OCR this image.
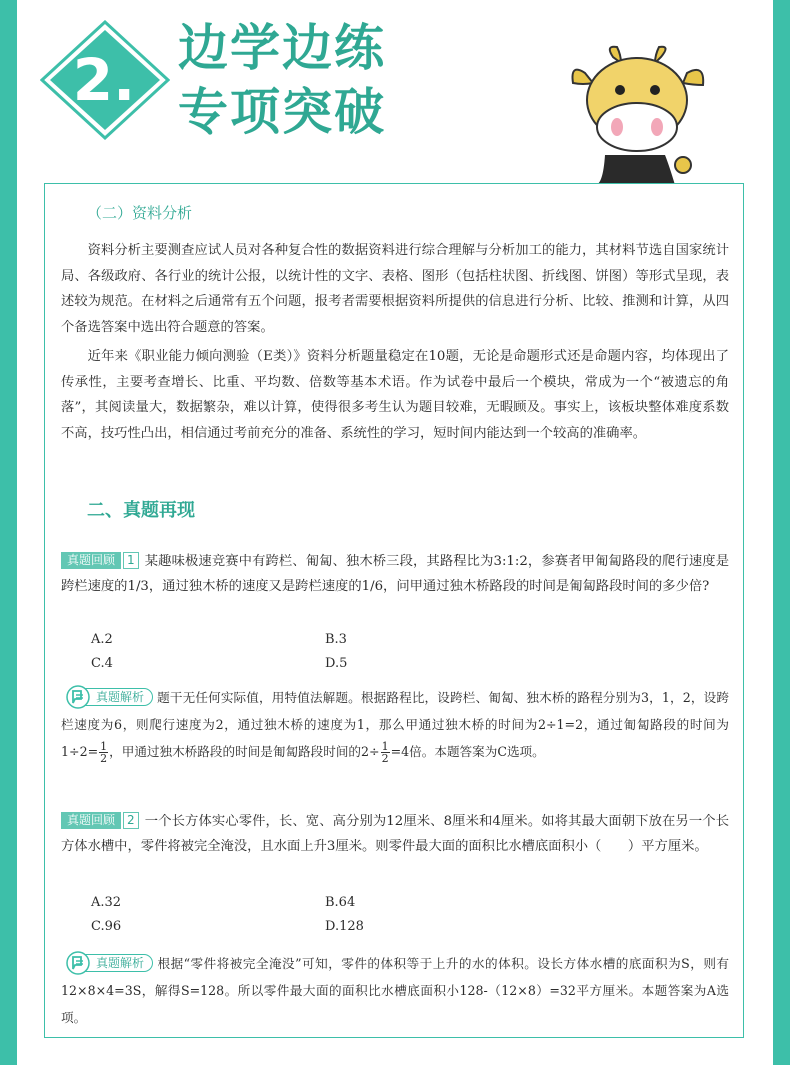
2. 边学边练
专项突破
（二）资料分析

资料分析主要测查应试人员对各种复合性的数据资料进行综合理解与分析加工的能力，其材料节选自国家统计局、各级政府、各行业的统计公报，以统计性的文字、表格、图形（包括柱状图、折线图、饼图）等形式呈现，表述较为规范。在材料之后通常有五个问题，报考者需要根据资料所提供的信息进行分析、比较、推测和计算，从四个备选答案中选出符合题意的答案。

近年来《职业能力倾向测验（E类）》资料分析题量稳定在10题，无论是命题形式还是命题内容，均体现出了传承性，主要考查增长、比重、平均数、倍数等基本术语。作为试卷中最后一个模块，常成为一个“被遗忘的角落”，其阅读量大，数据繁杂，难以计算，使得很多考生认为题目较难，无暇顾及。事实上，该板块整体难度系数不高，技巧性凸出，相信通过考前充分的准备、系统性的学习，短时间内能达到一个较高的准确率。

二、真题再现

真题回顾 1 某趣味极速竞赛中有跨栏、匍匐、独木桥三段，其路程比为3:1:2，参赛者甲匍匐路段的爬行速度是跨栏速度的1/3，通过独木桥的速度又是跨栏速度的1/6，问甲通过独木桥路段的时间是匍匐路段时间的多少倍?

A.2	B.3
C.4	D.5

真题解析 题干无任何实际值，用特值法解题。根据路程比，设跨栏、匍匐、独木桥的路程分别为3，1，2，设跨栏速度为6，则爬行速度为2，通过独木桥的速度为1，那么甲通过独木桥的时间为2÷1=2，通过匍匐路段的时间为$1\div 2= \frac{1}{2}$ ，甲通过独木桥路段的时间是匍匐路段时间的$2\div \frac{1}{2} =4$倍。本题答案为C选项。

真题回顾 2 一个长方体实心零件，长、宽、高分别为12厘米、8厘米和4厘米。如将其最大面朝下放在另一个长方体水槽中，零件将被完全淹没，且水面上升3厘米。则零件最大面的面积比水槽底面积小（　　）平方厘米。

A.32	B.64
C.96	D.128

真题解析 根据“零件将被完全淹没”可知，零件的体积等于上升的水的体积。设长方体水槽的底面积为S，则有12×8×4=3S，解得S=128。所以零件最大面的面积比水槽底面积小128-（12×8）=32平方厘米。本题答案为A选项。
